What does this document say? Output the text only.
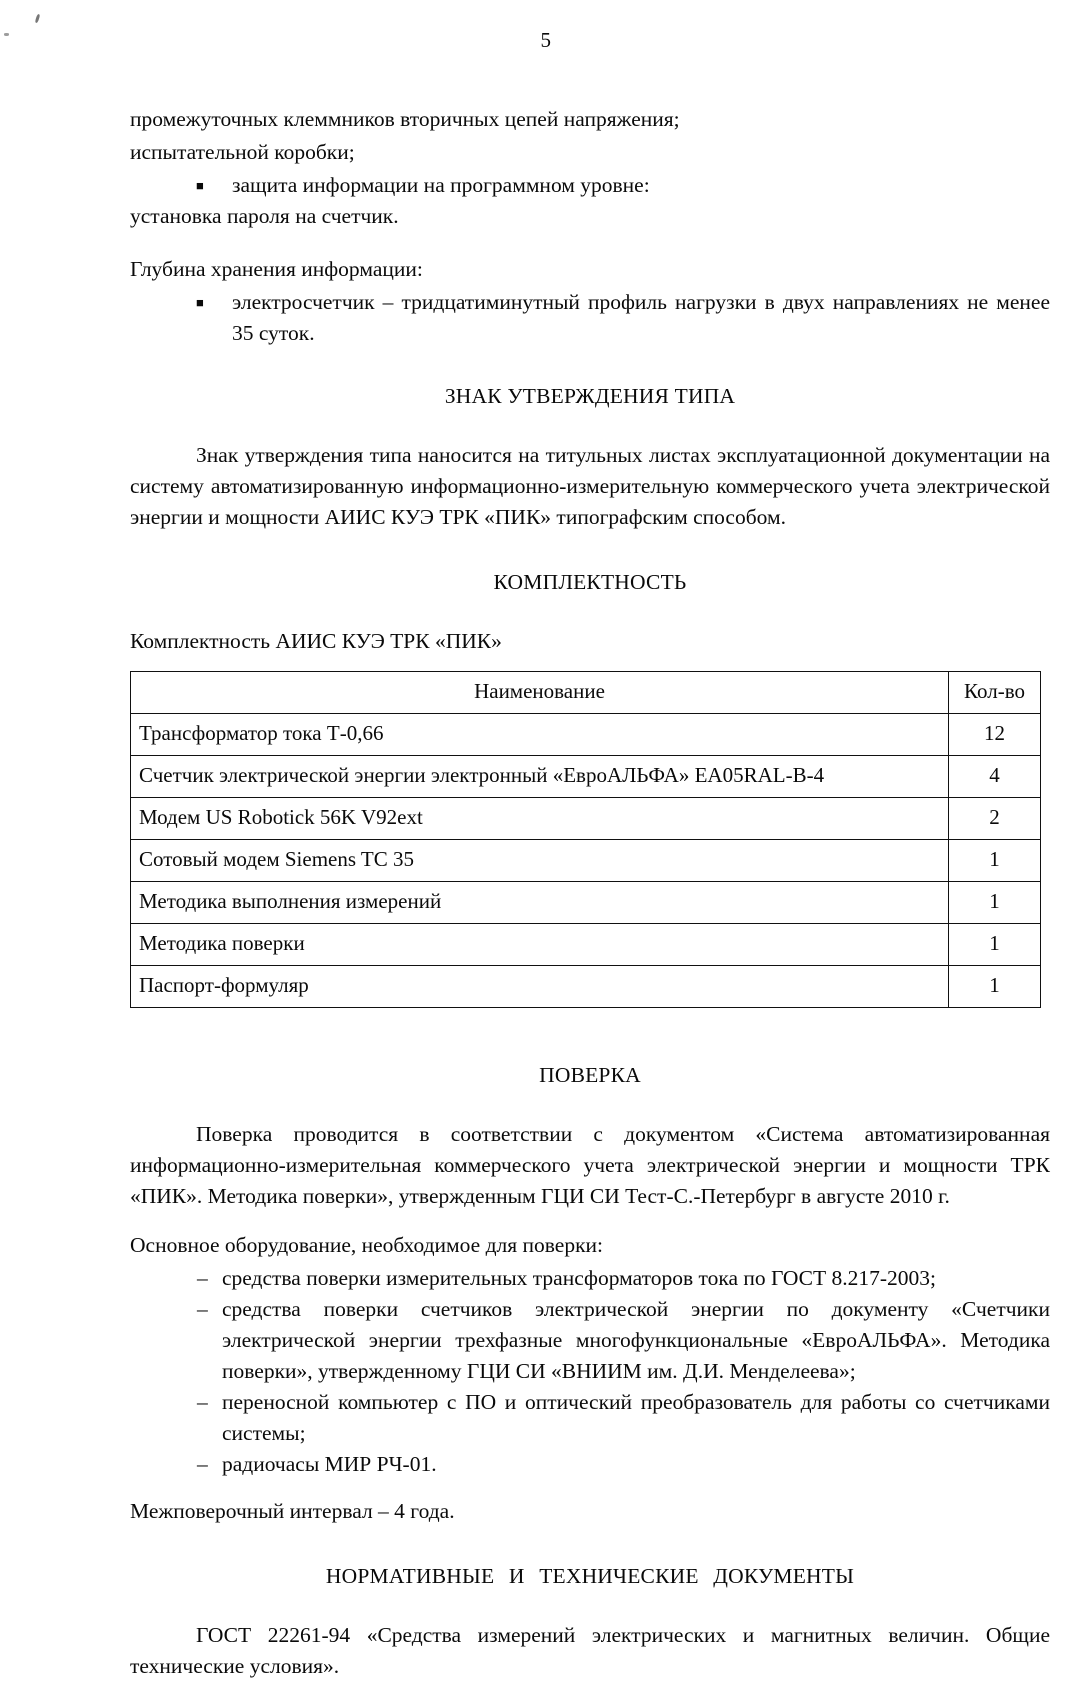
5

промежуточных клеммников вторичных цепей напряжения;

испытательной коробки;

■ защита информации на программном уровне:

установка пароля на счетчик.

Глубина хранения информации:

■ электросчетчик – тридцатиминутный профиль нагрузки в двух направлениях не менее 35 суток.

ЗНАК УТВЕРЖДЕНИЯ ТИПА

Знак утверждения типа наносится на титульных листах эксплуатационной документации на систему автоматизированную информационно-измерительную коммерческого учета электрической энергии и мощности АИИС КУЭ ТРК «ПИК» типографским способом.

КОМПЛЕКТНОСТЬ

Комплектность АИИС КУЭ ТРК «ПИК»

Наименование	Кол-во
Трансформатор тока Т-0,66	12
Счетчик электрической энергии электронный «ЕвроАЛЬФА» ЕА05RAL-B-4	4
Модем US Robotick 56K V92ext	2
Сотовый модем Siemens TC 35	1
Методика выполнения измерений	1
Методика поверки	1
Паспорт-формуляр	1
ПОВЕРКА

Поверка проводится в соответствии с документом «Система автоматизированная информационно-измерительная коммерческого учета электрической энергии и мощности ТРК «ПИК». Методика поверки», утвержденным ГЦИ СИ Тест-С.-Петербург в августе 2010 г.

Основное оборудование, необходимое для поверки:

– средства поверки измерительных трансформаторов тока по ГОСТ 8.217-2003;

– средства поверки счетчиков электрической энергии по документу «Счетчики электрической энергии трехфазные многофункциональные «ЕвроАЛЬФА». Методика поверки», утвержденному ГЦИ СИ «ВНИИМ им. Д.И. Менделеева»;

– переносной компьютер с ПО и оптический преобразователь для работы со счетчиками системы;

– радиочасы МИР РЧ-01.

Межповерочный интервал – 4 года.

НОРМАТИВНЫЕ И ТЕХНИЧЕСКИЕ ДОКУМЕНТЫ

ГОСТ 22261-94 «Средства измерений электрических и магнитных величин. Общие технические условия».
